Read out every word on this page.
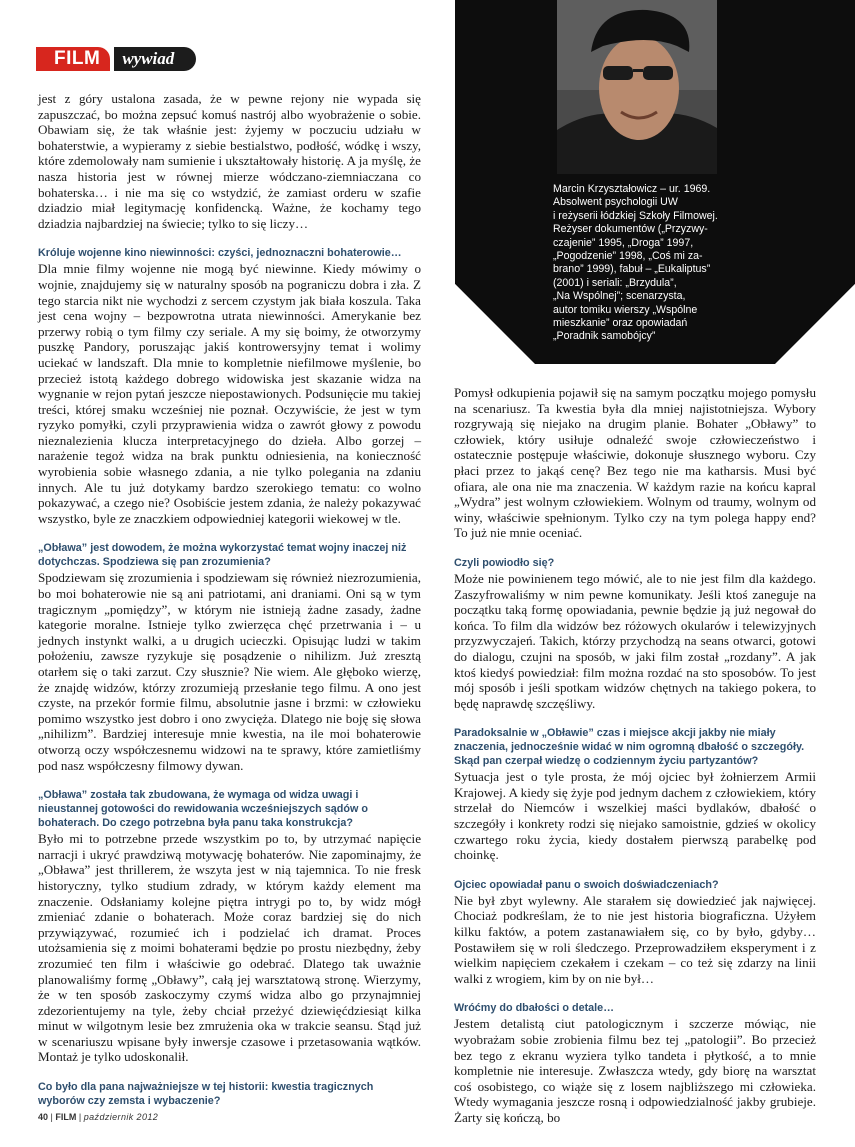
FILM	wywiad

Marcin Krzyształowicz – ur. 1969.

Absolwent psychologii UW

i reżyserii łódzkiej Szkoły Filmowej.

Reżyser dokumentów („Przyzwy-

czajenie” 1995, „Droga” 1997,

„Pogodzenie” 1998, „Coś mi za-

brano” 1999), fabuł – „Eukaliptus”

(2001) i seriali: „Brzydula”,

„Na Wspólnej”; scenarzysta,

autor tomiku wierszy „Wspólne

mieszkanie” oraz opowiadań

„Poradnik samobójcy”

jest z góry ustalona zasada, że w pewne rejony nie wypada się zapuszczać, bo można zepsuć komuś nastrój albo wyobrażenie o sobie. Obawiam się, że tak właśnie jest: żyjemy w poczuciu udziału w bohaterstwie, a wypieramy z siebie bestialstwo, podłość, wódkę i wszy, które zdemolowały nam sumienie i ukształtowały historię. A ja myślę, że nasza historia jest w równej mierze wódczano-ziemniaczana co bohaterska… i nie ma się co wstydzić, że zamiast orderu w szafie dziadzio miał legitymację konfidencką. Ważne, że kochamy tego dziadzia najbardziej na świecie; tylko to się liczy…

Króluje wojenne kino niewinności: czyści, jednoznaczni bohaterowie…

Dla mnie filmy wojenne nie mogą być niewinne. Kiedy mówimy o wojnie, znajdujemy się w naturalny sposób na pograniczu dobra i zła. Z tego starcia nikt nie wychodzi z sercem czystym jak biała koszula. Taka jest cena wojny – bezpowrotna utrata niewinności. Amerykanie bez przerwy robią o tym filmy czy seriale. A my się boimy, że otworzymy puszkę Pandory, poruszając jakiś kontrowersyjny temat i wolimy uciekać w landszaft. Dla mnie to kompletnie niefilmowe myślenie, bo przecież istotą każdego dobrego widowiska jest skazanie widza na wygnanie w rejon pytań jeszcze niepostawionych. Podsunięcie mu takiej treści, której smaku wcześniej nie poznał. Oczywiście, że jest w tym ryzyko pomyłki, czyli przyprawienia widza o zawrót głowy z powodu nieznalezienia klucza interpretacyjnego do dzieła. Albo gorzej – narażenie tegoż widza na brak punktu odniesienia, na konieczność wyrobienia sobie własnego zdania, a nie tylko polegania na zdaniu innych. Ale tu już dotykamy bardzo szerokiego tematu: co wolno pokazywać, a czego nie? Osobiście jestem zdania, że należy pokazywać wszystko, byle ze znaczkiem odpowiedniej kategorii wiekowej w tle.

„Obława” jest dowodem, że można wykorzystać temat wojny inaczej niż dotychczas. Spodziewa się pan zrozumienia?

Spodziewam się zrozumienia i spodziewam się również niezrozumienia, bo moi bohaterowie nie są ani patriotami, ani draniami. Oni są w tym tragicznym „pomiędzy”, w którym nie istnieją żadne zasady, żadne kategorie moralne. Istnieje tylko zwierzęca chęć przetrwania i – u jednych instynkt walki, a u drugich ucieczki. Opisując ludzi w takim położeniu, zawsze ryzykuje się posądzenie o nihilizm. Już zresztą otarłem się o taki zarzut. Czy słusznie? Nie wiem. Ale głęboko wierzę, że znajdę widzów, którzy zrozumieją przesłanie tego filmu. A ono jest czyste, na przekór formie filmu, absolutnie jasne i brzmi: w człowieku pomimo wszystko jest dobro i ono zwycięża. Dlatego nie boję się słowa „nihilizm”. Bardziej interesuje mnie kwestia, na ile moi bohaterowie otworzą oczy współczesnemu widzowi na te sprawy, które zamietliśmy pod nasz współczesny filmowy dywan.

„Obława” została tak zbudowana, że wymaga od widza uwagi i nieustannej gotowości do rewidowania wcześniejszych sądów o bohaterach. Do czego potrzebna była panu taka konstrukcja?

Było mi to potrzebne przede wszystkim po to, by utrzymać napięcie narracji i ukryć prawdziwą motywację bohaterów. Nie zapominajmy, że „Obława” jest thrillerem, że wszyta jest w nią tajemnica. To nie fresk historyczny, tylko studium zdrady, w którym każdy element ma znaczenie. Odsłaniamy kolejne piętra intrygi po to, by widz mógł zmieniać zdanie o bohaterach. Może coraz bardziej się do nich przywiązywać, rozumieć ich i podzielać ich dramat. Proces utożsamienia się z moimi bohaterami będzie po prostu niezbędny, żeby zrozumieć ten film i właściwie go odebrać. Dlatego tak uważnie planowaliśmy formę „Obławy”, całą jej warsztatową stronę. Wierzymy, że w ten sposób zaskoczymy czymś widza albo go przynajmniej zdezorientujemy na tyle, żeby chciał przeżyć dziewięćdziesiąt kilka minut w wilgotnym lesie bez zmrużenia oka w trakcie seansu. Stąd już w scenariuszu wpisane były inwersje czasowe i przetasowania wątków. Montaż je tylko udoskonalił.

Co było dla pana najważniejsze w tej historii: kwestia tragicznych wyborów czy zemsta i wybaczenie?

Pomysł odkupienia pojawił się na samym początku mojego pomysłu na scenariusz. Ta kwestia była dla mniej najistotniejsza. Wybory rozgrywają się niejako na drugim planie. Bohater „Obławy” to człowiek, który usiłuje odnaleźć swoje człowieczeństwo i ostatecznie postępuje właściwie, dokonuje słusznego wyboru. Czy płaci przez to jakąś cenę? Bez tego nie ma katharsis. Musi być ofiara, ale ona nie ma znaczenia. W każdym razie na końcu kapral „Wydra” jest wolnym człowiekiem. Wolnym od traumy, wolnym od winy, właściwie spełnionym. Tylko czy na tym polega happy end? To już nie mnie oceniać.

Czyli powiodło się?

Może nie powinienem tego mówić, ale to nie jest film dla każdego. Zaszyfrowaliśmy w nim pewne komunikaty. Jeśli ktoś zaneguje na początku taką formę opowiadania, pewnie będzie ją już negował do końca. To film dla widzów bez różowych okularów i telewizyjnych przyzwyczajeń. Takich, którzy przychodzą na seans otwarci, gotowi do dialogu, czujni na sposób, w jaki film został „rozdany”. A jak ktoś kiedyś powiedział: film można rozdać na sto sposobów. To jest mój sposób i jeśli spotkam widzów chętnych na takiego pokera, to będę naprawdę szczęśliwy.

Paradoksalnie w „Obławie” czas i miejsce akcji jakby nie miały znaczenia, jednocześnie widać w nim ogromną dbałość o szczegóły. Skąd pan czerpał wiedzę o codziennym życiu partyzantów?

Sytuacja jest o tyle prosta, że mój ojciec był żołnierzem Armii Krajowej. A kiedy się żyje pod jednym dachem z człowiekiem, który strzelał do Niemców i wszelkiej maści bydlaków, dbałość o szczegóły i konkrety rodzi się niejako samoistnie, gdzieś w okolicy czwartego roku życia, kiedy dostałem pierwszą parabelkę pod choinkę.

Ojciec opowiadał panu o swoich doświadczeniach?

Nie był zbyt wylewny. Ale starałem się dowiedzieć jak najwięcej. Chociaż podkreślam, że to nie jest historia biograficzna. Użyłem kilku faktów, a potem zastanawiałem się, co by było, gdyby… Postawiłem się w roli śledczego. Przeprowadziłem eksperyment i z wielkim napięciem czekałem i czekam – co też się zdarzy na linii walki z wrogiem, kim by on nie był…

Wróćmy do dbałości o detale…

Jestem detalistą ciut patologicznym i szczerze mówiąc, nie wyobrażam sobie zrobienia filmu bez tej „patologii”. Bo przecież bez tego z ekranu wyziera tylko tandeta i płytkość, a to mnie kompletnie nie interesuje. Zwłaszcza wtedy, gdy biorę na warsztat coś osobistego, co wiąże się z losem najbliższego mi człowieka. Wtedy wymagania jeszcze rosną i odpowiedzialność jakby grubieje. Żarty się kończą, bo

40 | FILM | październik 2012
